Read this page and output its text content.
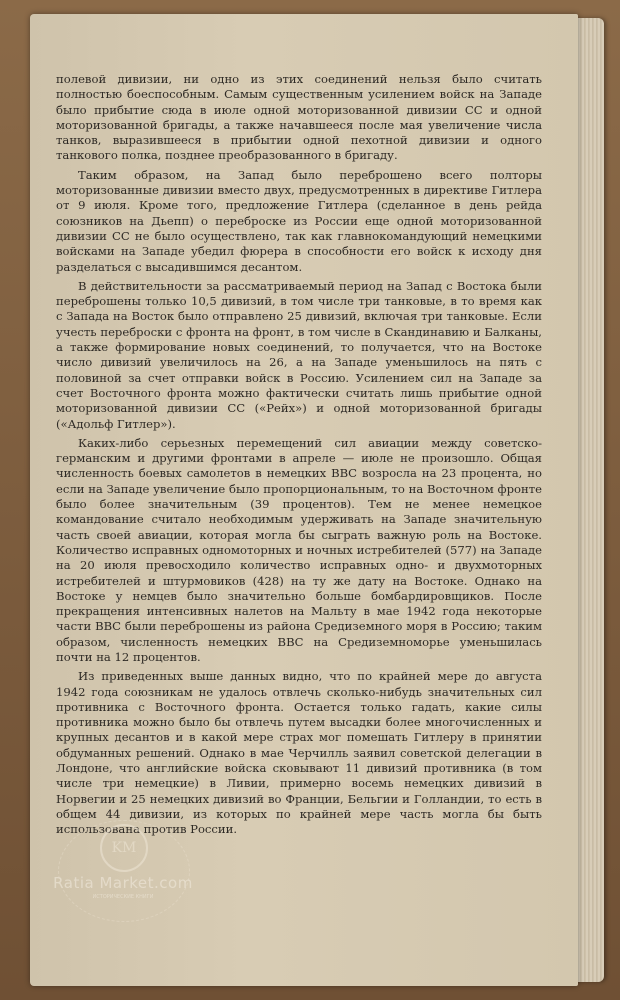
полевой дивизии, ни одно из этих соединений нельзя было считать полностью боеспособным. Самым существенным усилением войск на Западе было прибытие сюда в июле одной моторизованной дивизии СС и одной моторизованной бригады, а также начавшееся после мая увеличение числа танков, выразившееся в прибытии одной пехотной дивизии и одного танкового полка, позднее преобразованного в бригаду.

Таким образом, на Запад было переброшено всего полторы моторизованные дивизии вместо двух, предусмотренных в директиве Гитлера от 9 июля. Кроме того, предложение Гитлера (сделанное в день рейда союзников на Дьепп) о переброске из России еще одной моторизованной дивизии СС не было осуществлено, так как главнокомандующий немецкими войсками на Западе убедил фюрера в способности его войск к исходу дня разделаться с высадившимся десантом.

В действительности за рассматриваемый период на Запад с Востока были переброшены только 10,5 дивизий, в том числе три танковые, в то время как с Запада на Восток было отправлено 25 дивизий, включая три танковые. Если учесть переброски с фронта на фронт, в том числе в Скандинавию и Балканы, а также формирование новых соединений, то получается, что на Востоке число дивизий увеличилось на 26, а на Западе уменьшилось на пять с половиной за счет отправки войск в Россию. Усилением сил на Западе за счет Восточного фронта можно фактически считать лишь прибытие одной моторизованной дивизии СС («Рейх») и одной моторизованной бригады («Адольф Гитлер»).

Каких-либо серьезных перемещений сил авиации между советско-германским и другими фронтами в апреле — июле не произошло. Общая численность боевых самолетов в немецких ВВС возросла на 23 процента, но если на Западе увеличение было пропорциональным, то на Восточном фронте было более значительным (39 процентов). Тем не менее немецкое командование считало необходимым удерживать на Западе значительную часть своей авиации, которая могла бы сыграть важную роль на Востоке. Количество исправных одномоторных и ночных истребителей (577) на Западе на 20 июля превосходило количество исправных одно- и двухмоторных истребителей и штурмовиков (428) на ту же дату на Востоке. Однако на Востоке у немцев было значительно больше бомбардировщиков. После прекращения интенсивных налетов на Мальту в мае 1942 года некоторые части ВВС были переброшены из района Средиземного моря в Россию; таким образом, численность немецких ВВС на Средиземноморье уменьшилась почти на 12 процентов.

Из приведенных выше данных видно, что по крайней мере до августа 1942 года союзникам не удалось отвлечь сколько-нибудь значительных сил противника с Восточного фронта. Остается только гадать, какие силы противника можно было бы отвлечь путем высадки более многочисленных и крупных десантов и в какой мере страх мог помешать Гитлеру в принятии обдуманных решений. Однако в мае Черчилль заявил советской делегации в Лондоне, что английские войска сковывают 11 дивизий противника (в том числе три немецкие) в Ливии, примерно восемь немецких дивизий в Норвегии и 25 немецких дивизий во Франции, Бельгии и Голландии, то есть в общем 44 дивизии, из которых по крайней мере часть могла бы быть использована против России.

KM
Ratia Market.com
ИСТОРИЧЕСКИЕ КНИГИ
